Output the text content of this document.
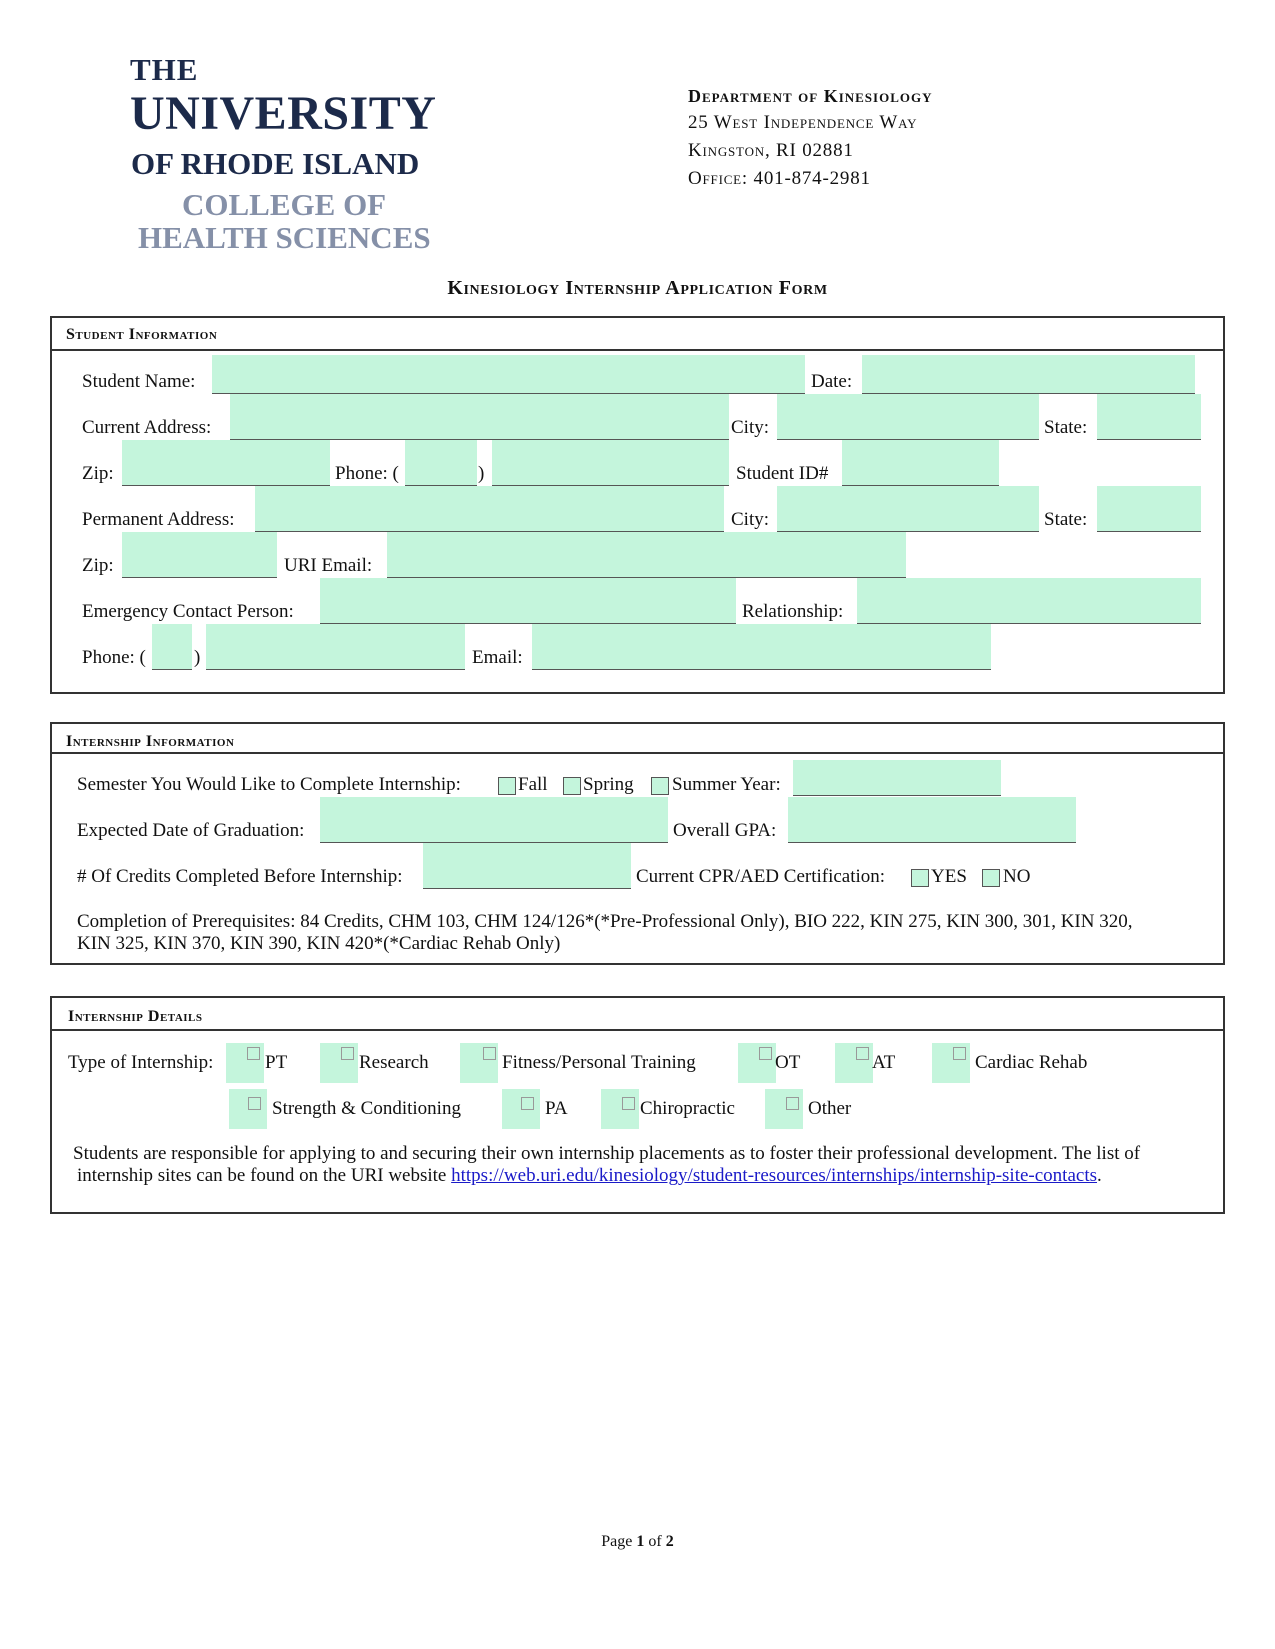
THE
UNIVERSITY
OF RHODE ISLAND
COLLEGE OF
HEALTH SCIENCES
Department of Kinesiology
25 West Independence Way
Kingston, RI 02881
Office: 401-874-2981
Kinesiology Internship Application Form
Student Information
Student Name:	Date:
Current Address:	City:	State:
Zip:	Phone: (	)	Student ID#
Permanent Address:	City:	State:
Zip:	URI Email:
Emergency Contact Person:	Relationship:
Phone: (	)	Email:
Internship Information
Semester You Would Like to Complete Internship:	Fall Spring Summer Year:
Expected Date of Graduation:	Overall GPA:
# Of Credits Completed Before Internship:	Current CPR/AED Certification: YES NO
Completion of Prerequisites: 84 Credits, CHM 103, CHM 124/126*(*Pre-Professional Only), BIO 222, KIN 275, KIN 300, 301, KIN 320,
KIN 325, KIN 370, KIN 390, KIN 420*(*Cardiac Rehab Only)
Internship Details
Type of Internship:	PT	Research	Fitness/Personal Training	OT	AT	Cardiac Rehab
Strength & Conditioning	PA	Chiropractic	Other
Students are responsible for applying to and securing their own internship placements as to foster their professional development. The list of
internship sites can be found on the URI website https://web.uri.edu/kinesiology/student-resources/internships/internship-site-contacts.
Page 1 of 2
